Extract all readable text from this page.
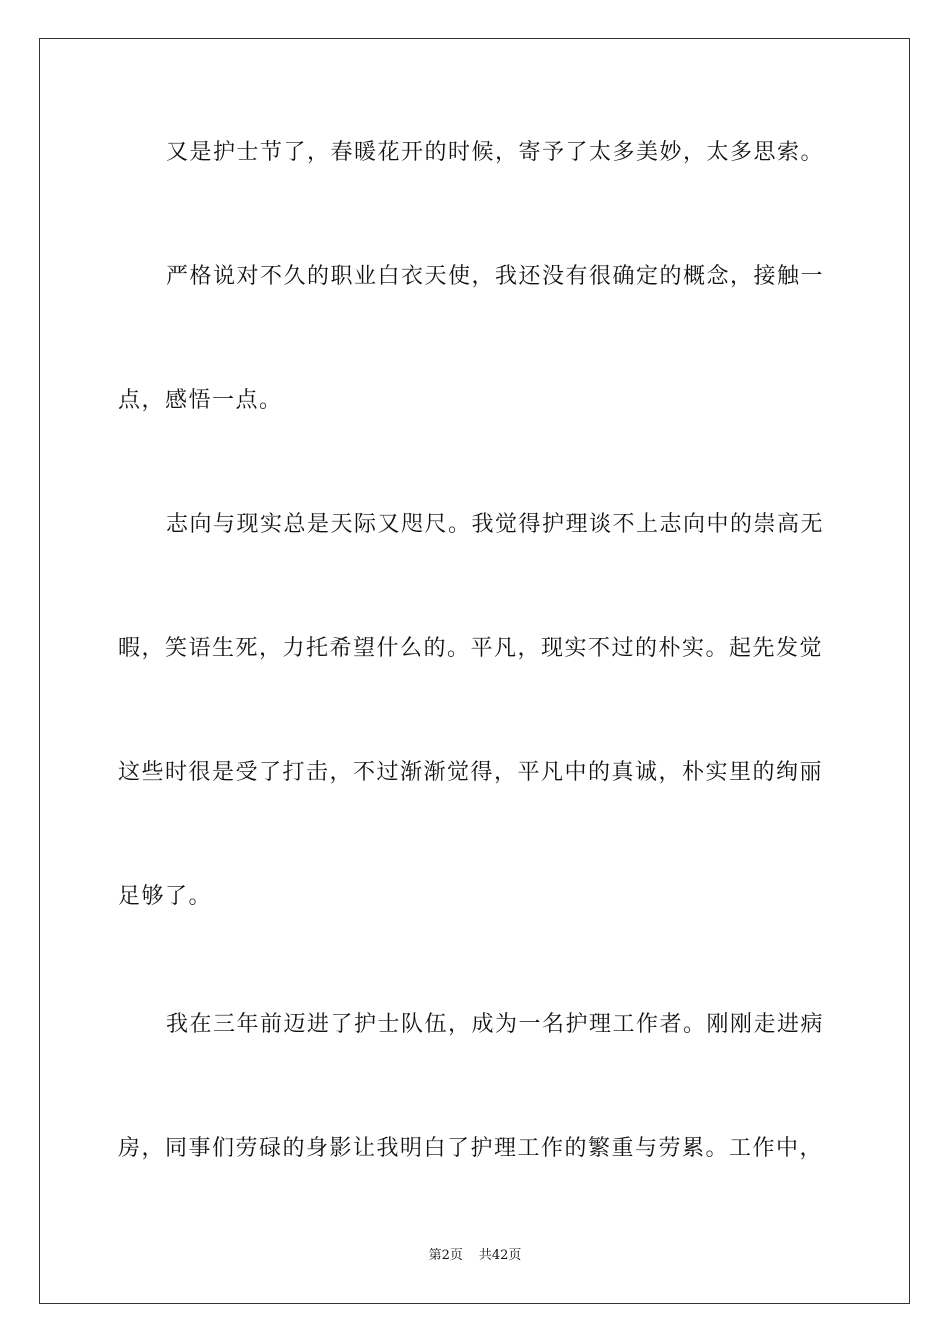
又是护士节了，春暖花开的时候，寄予了太多美妙，太多思索。
严格说对不久的职业白衣天使，我还没有很确定的概念，接触一
点，感悟一点。
志向与现实总是天际又咫尺。我觉得护理谈不上志向中的崇高无
暇，笑语生死，力托希望什么的。平凡，现实不过的朴实。起先发觉
这些时很是受了打击，不过渐渐觉得，平凡中的真诚，朴实里的绚丽
足够了。
我在三年前迈进了护士队伍，成为一名护理工作者。刚刚走进病
房，同事们劳碌的身影让我明白了护理工作的繁重与劳累。工作中，
第2页 共42页
